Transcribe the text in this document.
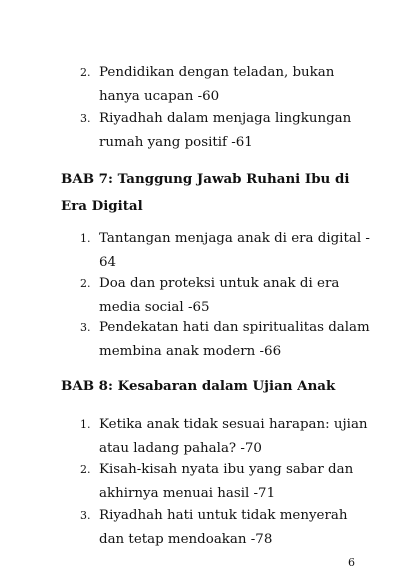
2. Pendidikan dengan teladan, bukan hanya ucapan -60
3. Riyadhah dalam menjaga lingkungan rumah yang positif -61
BAB 7: Tanggung Jawab Ruhani Ibu di Era Digital
1. Tantangan menjaga anak di era digital - 64
2. Doa dan proteksi untuk anak di era media social -65
3. Pendekatan hati dan spiritualitas dalam membina anak modern -66
BAB 8: Kesabaran dalam Ujian Anak
1. Ketika anak tidak sesuai harapan: ujian atau ladang pahala? -70
2. Kisah-kisah nyata ibu yang sabar dan akhirnya menuai hasil -71
3. Riyadhah hati untuk tidak menyerah dan tetap mendoakan -78
6
